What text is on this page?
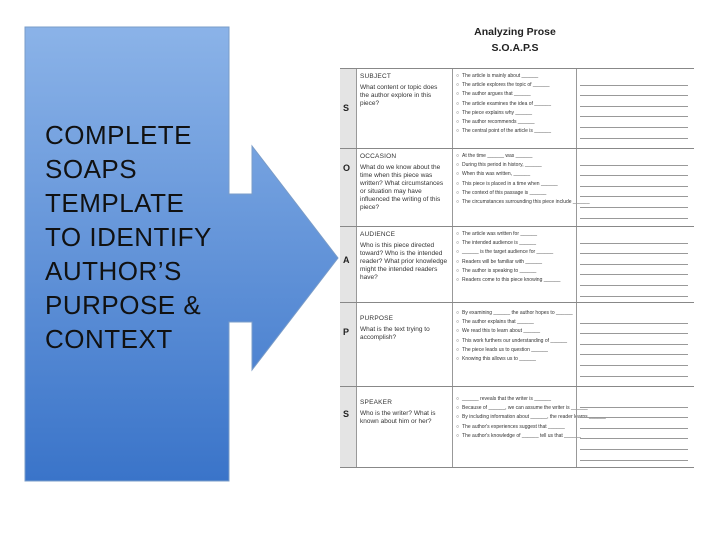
COMPLETE
SOAPS
TEMPLATE
TO IDENTIFY
AUTHOR’S
PURPOSE &
CONTEXT
Analyzing Prose
S.O.A.P.S
S
SUBJECT
What content or topic does the author explore in this piece?
○ The article is mainly about ______
○ The article explores the topic of ______
○ The author argues that ______
○ The article examines the idea of ______
○ The piece explains why ______
○ The author recommends ______
○ The central point of the article is ______
O
OCCASION
What do we know about the time when this piece was written? What circumstances or situation may have influenced the writing of this piece?
○ At the time ______ was ______
○ During this period in history, ______
○ When this was written, ______
○ This piece is placed in a time when ______
○ The context of this passage is ______
○ The circumstances surrounding this piece include ______
A
AUDIENCE
Who is this piece directed toward? Who is the intended reader? What prior knowledge might the intended readers have?
○ The article was written for ______
○ The intended audience is ______
○ ______ is the target audience for ______
○ Readers will be familiar with ______
○ The author is speaking to ______
○ Readers come to this piece knowing ______
P
PURPOSE
What is the text trying to accomplish?
○ By examining ______ the author hopes to ______
○ The author explains that ______
○ We read this to learn about ______
○ This work furthers our understanding of ______
○ The piece leads us to question ______
○ Knowing this allows us to ______
S
SPEAKER
Who is the writer? What is known about him or her?
○ ______ reveals that the writer is ______
○ Because of ______, we can assume the writer is ______
○ By including information about ______, the reader learns ______
○ The author's experiences suggest that ______
○ The author's knowledge of ______ tell us that ______
